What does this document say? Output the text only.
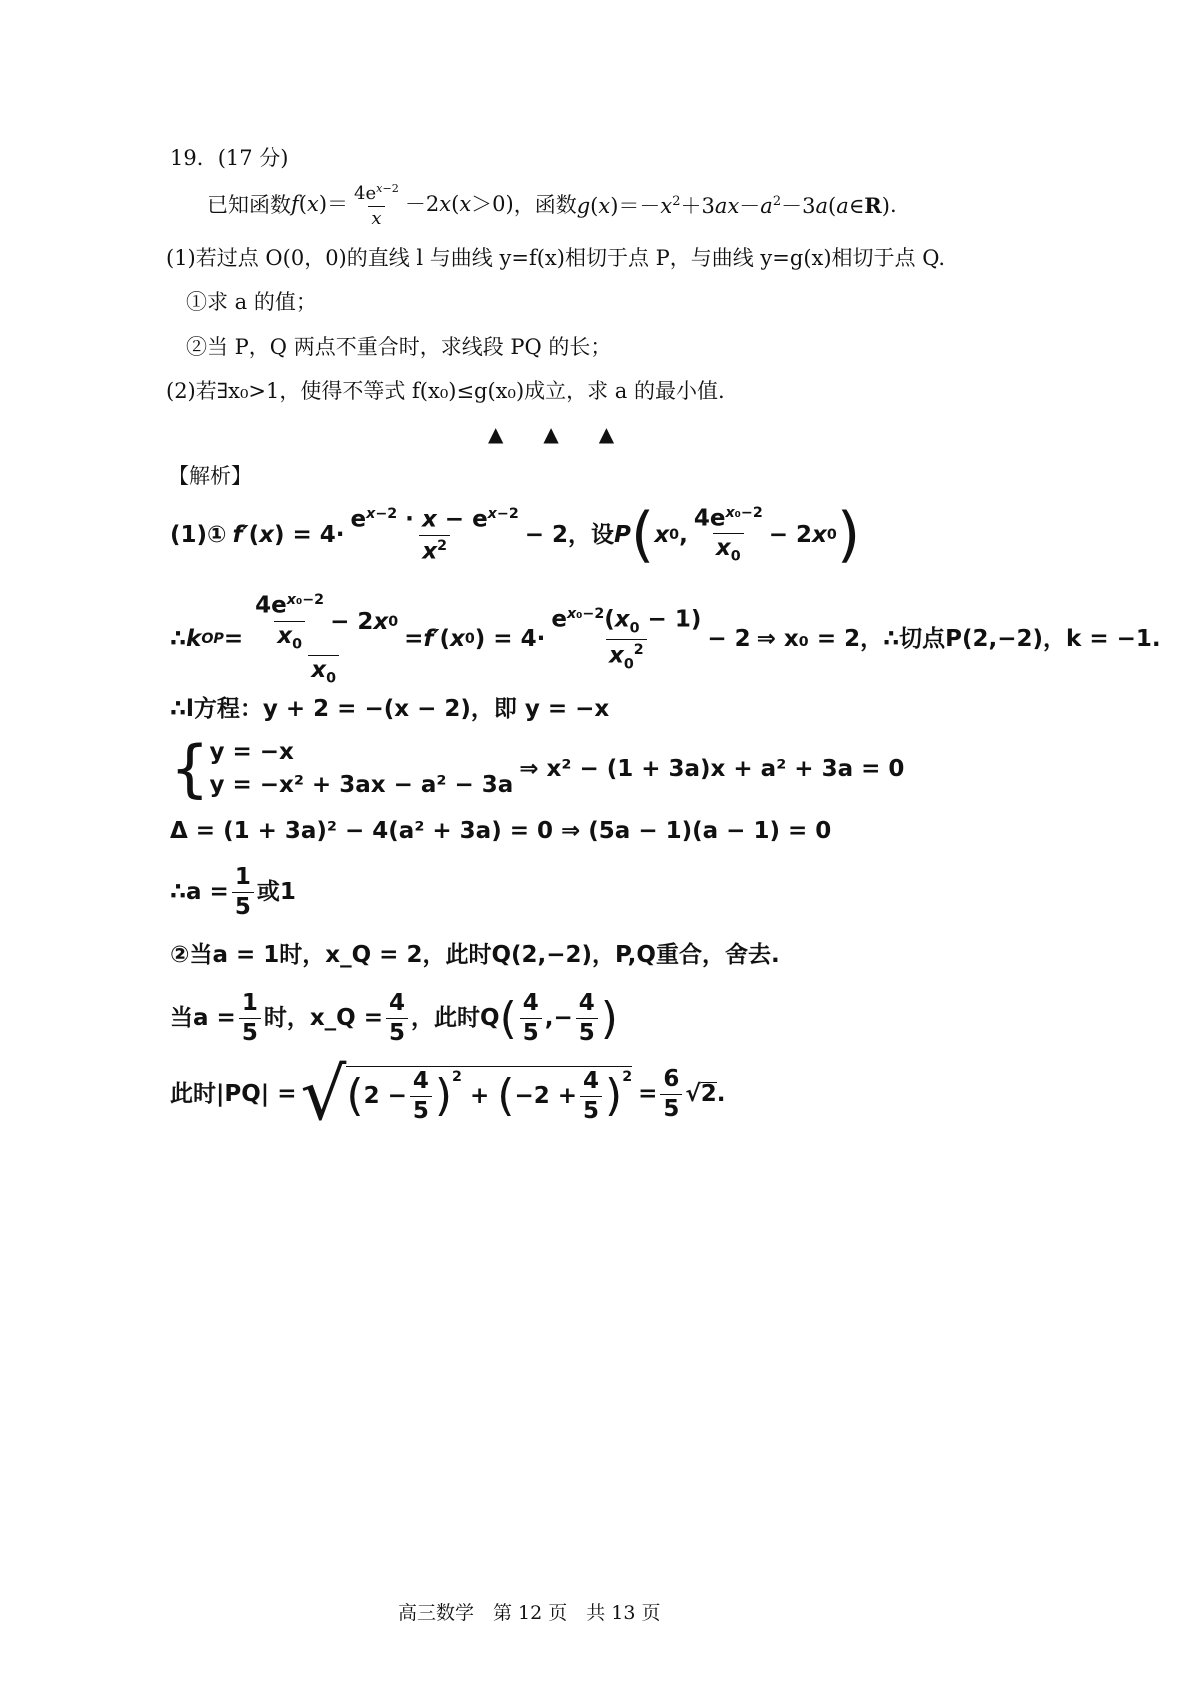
19．(17 分)
已知函数 $f(x)= \frac{4e^{x-2}}{x} -2x(x>0)$ ，函数 $g(x)=-x^2+3ax-a^2-3a(a\in R)$ .
(1)若过点 O(0，0)的直线 l 与曲线 y=f(x)相切于点 P，与曲线 y=g(x)相切于点 Q.
①求 a 的值；
②当 P，Q 两点不重合时，求线段 PQ 的长；
(2)若∃x₀>1，使得不等式 f(x₀)≤g(x₀)成立，求 a 的最小值.
▲　　▲　　▲
【解析】
(1)① f′ ( x ) = $4\cdot \frac{e^{x-2} \cdot x - e^{x-2}}{x^2} - 2$ ，设 P ( x 0 , $\frac{4e^{x_0-2}}{x_0} - 2$ x 0 )
∴ k OP = $\frac{\frac{4e^{x_0-2}}{x_0} - 2 x 0}{x_0} = f'$ ( x 0 ) = $4\cdot \frac{e^{x_0-2}(x_0 - 1)}{x_0^2} - 2$ ⇒ x₀ = 2，∴切点 P(2,−2)，k = −1.
∴l方程：y + 2 = −(x − 2)，即 y = −x
{ y = −x
y = −x² + 3ax − a² − 3a
⇒ x² − (1 + 3a)x + a² + 3a = 0
Δ = (1 + 3a)² − 4(a² + 3a) = 0 ⇒ (5a − 1)(a − 1) = 0
∴a = $\frac{1}{5}$ 或1
②当a = 1时，x_Q = 2，此时Q(2,−2)，P,Q重合，舍去.
当$a = \frac{1}{5}$ 时，x_Q = $\frac{4}{5}$ ，此时Q ( $\frac{4}{5}$ ,− $\frac{4}{5}$ )
此时|PQ| = √ ( $2 - \frac{4}{5} )^2$
+ ( $-2 + \frac{4}{5} )^2$
= $\frac{6}{5}$ √ 2 .
高三数学　第 12 页　共 13 页
